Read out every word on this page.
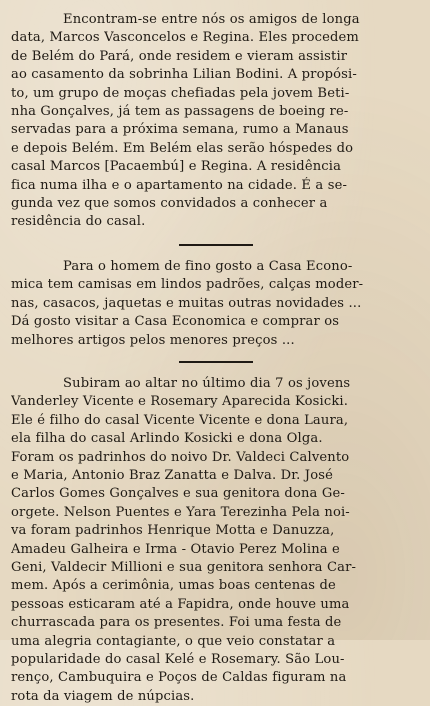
Encontram-se entre nós os amigos de longa
data, Marcos Vasconcelos e Regina. Eles procedem
de Belém do Pará, onde residem e vieram assistir
ao casamento da sobrinha Lilian Bodini. A propósi-
to, um grupo de moças chefiadas pela jovem Beti-
nha Gonçalves, já tem as passagens de boeing re-
servadas para a próxima semana, rumo a Manaus
e depois Belém. Em Belém elas serão hóspedes do
casal Marcos [Pacaembú] e Regina. A residência
fica numa ilha e o apartamento na cidade. É a se-
gunda vez que somos convidados a conhecer a
residência do casal.

Para o homem de fino gosto a Casa Econo-
mica tem camisas em lindos padrões, calças moder-
nas, casacos, jaquetas e muitas outras novidades ...
Dá gosto visitar a Casa Economica e comprar os
melhores artigos pelos menores preços ...

Subiram ao altar no último dia 7 os jovens
Vanderley Vicente e Rosemary Aparecida Kosicki.
Ele é filho do casal Vicente Vicente e dona Laura,
ela filha do casal Arlindo Kosicki e dona Olga.
Foram os padrinhos do noivo Dr. Valdeci Calvento
e Maria, Antonio Braz Zanatta e Dalva. Dr. José
Carlos Gomes Gonçalves e sua genitora dona Ge-
orgete. Nelson Puentes e Yara Terezinha Pela noi-
va foram padrinhos Henrique Motta e Danuzza,
Amadeu Galheira e Irma - Otavio Perez Molina e
Geni, Valdecir Millioni e sua genitora senhora Car-
mem. Após a cerimônia, umas boas centenas de
pessoas esticaram até a Fapidra, onde houve uma
churrascada para os presentes. Foi uma festa de
uma alegria contagiante, o que veio constatar a
popularidade do casal Kelé e Rosemary. São Lou-
renço, Cambuquira e Poços de Caldas figuram na
rota da viagem de núpcias.
